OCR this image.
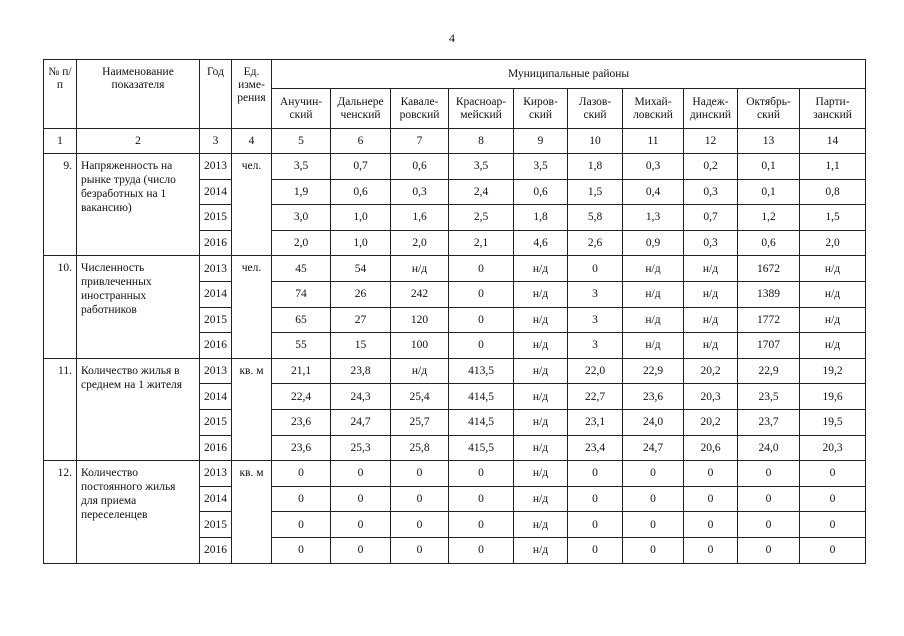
4
№ п/п	Наименование показателя	Год	Ед. изме-рения	Муниципальные районы									
				Анучин-ский	Дальнере ченский	Кавале-ровский	Красноар-мейский	Киров-ский	Лазов-ский	Михай-ловский	Надеж-динский	Октябрь-ский	Парти-занский
1	2	3	4	5	6	7	8	9	10	11	12	13	14
9.	Напряженность на рынке труда (число безработных на 1 вакансию)	2013	чел.	3,5	0,7	0,6	3,5	3,5	1,8	0,3	0,2	0,1	1,1
		2014		1,9	0,6	0,3	2,4	0,6	1,5	0,4	0,3	0,1	0,8
		2015		3,0	1,0	1,6	2,5	1,8	5,8	1,3	0,7	1,2	1,5
		2016		2,0	1,0	2,0	2,1	4,6	2,6	0,9	0,3	0,6	2,0
10.	Численность привлеченных иностранных работников	2013	чел.	45	54	н/д	0	н/д	0	н/д	н/д	1672	н/д
		2014		74	26	242	0	н/д	3	н/д	н/д	1389	н/д
		2015		65	27	120	0	н/д	3	н/д	н/д	1772	н/д
		2016		55	15	100	0	н/д	3	н/д	н/д	1707	н/д
11.	Количество жилья в среднем на 1 жителя	2013	кв. м	21,1	23,8	н/д	413,5	н/д	22,0	22,9	20,2	22,9	19,2
		2014		22,4	24,3	25,4	414,5	н/д	22,7	23,6	20,3	23,5	19,6
		2015		23,6	24,7	25,7	414,5	н/д	23,1	24,0	20,2	23,7	19,5
		2016		23,6	25,3	25,8	415,5	н/д	23,4	24,7	20,6	24,0	20,3
12.	Количество постоянного жилья для приема переселенцев	2013	кв. м	0	0	0	0	н/д	0	0	0	0	0
		2014		0	0	0	0	н/д	0	0	0	0	0
		2015		0	0	0	0	н/д	0	0	0	0	0
		2016		0	0	0	0	н/д	0	0	0	0	0
